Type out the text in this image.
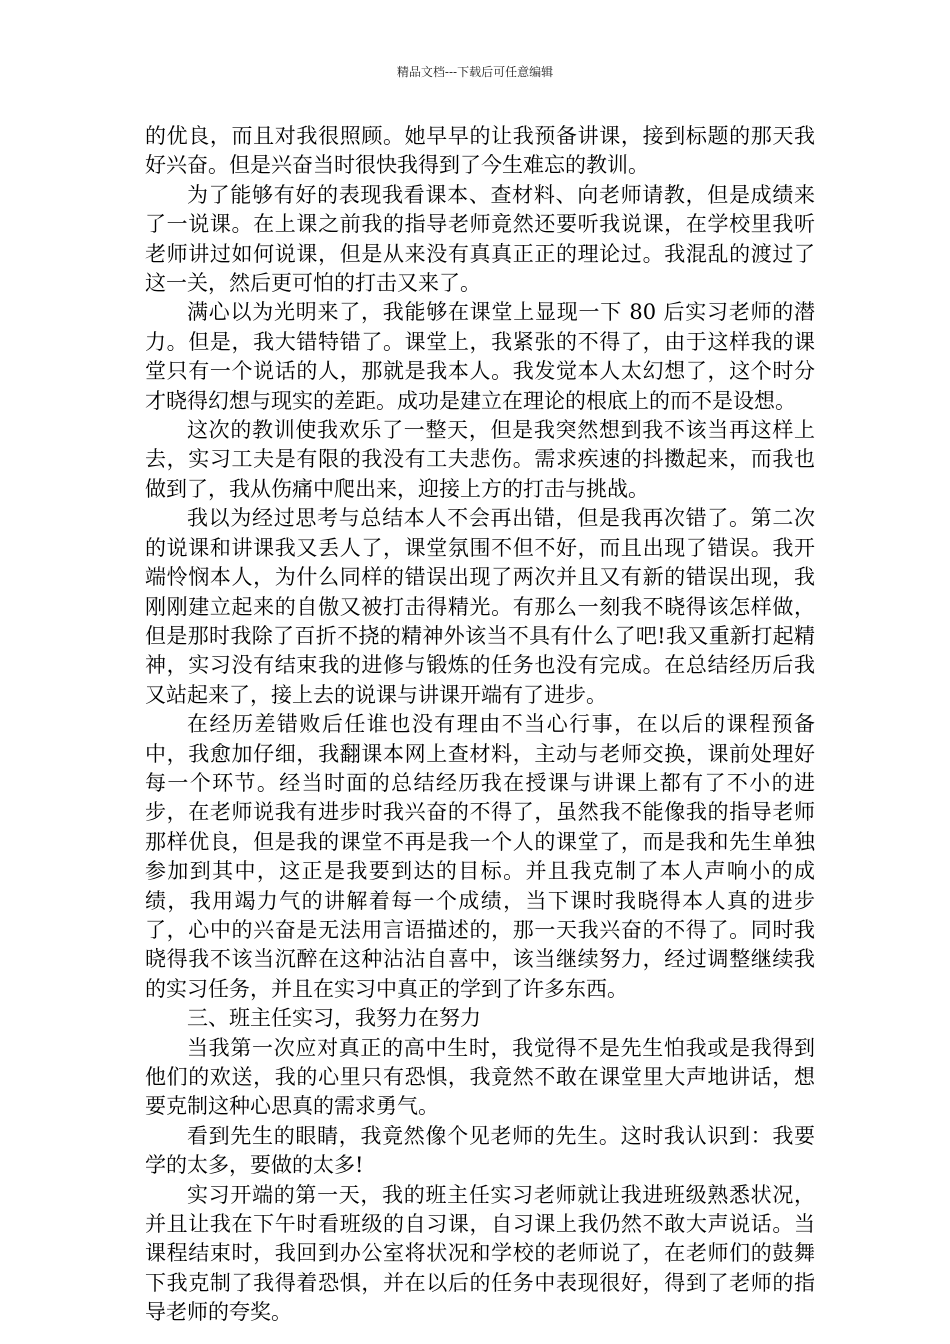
精品文档---下载后可任意编辑

的优良，而且对我很照顾。她早早的让我预备讲课，接到标题的那天我好兴奋。但是兴奋当时很快我得到了今生难忘的教训。

为了能够有好的表现我看课本、查材料、向老师请教，但是成绩来了一说课。在上课之前我的指导老师竟然还要听我说课，在学校里我听老师讲过如何说课，但是从来没有真真正正的理论过。我混乱的渡过了这一关，然后更可怕的打击又来了。

满心以为光明来了，我能够在课堂上显现一下 80 后实习老师的潜力。但是，我大错特错了。课堂上，我紧张的不得了，由于这样我的课堂只有一个说话的人，那就是我本人。我发觉本人太幻想了，这个时分才晓得幻想与现实的差距。成功是建立在理论的根底上的而不是设想。

这次的教训使我欢乐了一整天，但是我突然想到我不该当再这样上去，实习工夫是有限的我没有工夫悲伤。需求疾速的抖擞起来，而我也做到了，我从伤痛中爬出来，迎接上方的打击与挑战。

我以为经过思考与总结本人不会再出错，但是我再次错了。第二次的说课和讲课我又丢人了，课堂氛围不但不好，而且出现了错误。我开端怜悯本人，为什么同样的错误出现了两次并且又有新的错误出现，我刚刚建立起来的自傲又被打击得精光。有那么一刻我不晓得该怎样做，但是那时我除了百折不挠的精神外该当不具有什么了吧!我又重新打起精神，实习没有结束我的进修与锻炼的任务也没有完成。在总结经历后我又站起来了，接上去的说课与讲课开端有了进步。

在经历差错败后任谁也没有理由不当心行事，在以后的课程预备中，我愈加仔细，我翻课本网上查材料，主动与老师交换，课前处理好每一个环节。经当时面的总结经历我在授课与讲课上都有了不小的进步，在老师说我有进步时我兴奋的不得了，虽然我不能像我的指导老师那样优良，但是我的课堂不再是我一个人的课堂了，而是我和先生单独参加到其中，这正是我要到达的目标。并且我克制了本人声响小的成绩，我用竭力气的讲解着每一个成绩，当下课时我晓得本人真的进步了，心中的兴奋是无法用言语描述的，那一天我兴奋的不得了。同时我晓得我不该当沉醉在这种沾沾自喜中，该当继续努力，经过调整继续我的实习任务，并且在实习中真正的学到了许多东西。

三、班主任实习，我努力在努力

当我第一次应对真正的高中生时，我觉得不是先生怕我或是我得到他们的欢送，我的心里只有恐惧，我竟然不敢在课堂里大声地讲话，想要克制这种心思真的需求勇气。

看到先生的眼睛，我竟然像个见老师的先生。这时我认识到：我要学的太多，要做的太多!

实习开端的第一天，我的班主任实习老师就让我进班级熟悉状况，并且让我在下午时看班级的自习课，自习课上我仍然不敢大声说话。当课程结束时，我回到办公室将状况和学校的老师说了，在老师们的鼓舞下我克制了我得着恐惧，并在以后的任务中表现很好，得到了老师的指导老师的夸奖。
